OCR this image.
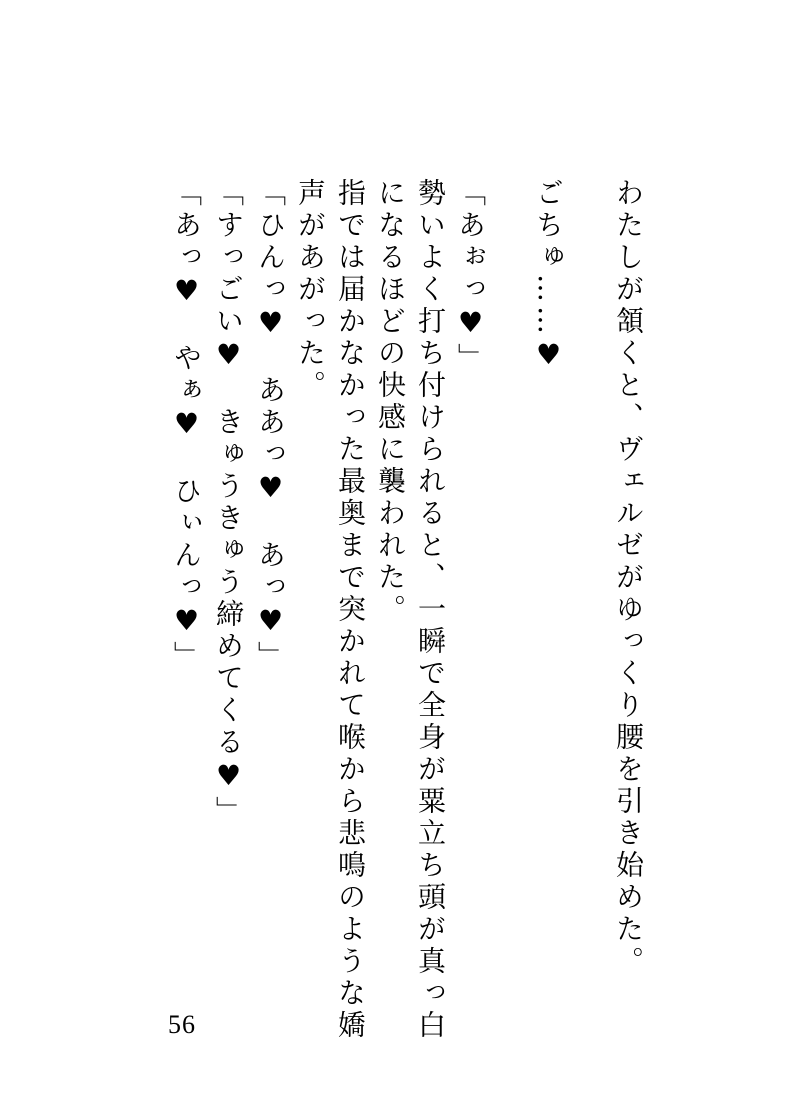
わたしが頷くと、ヴェルゼがゆっくり腰を引き始めた。
ごちゅ……♥
「あぉっ♥」
勢いよく打ち付けられると、一瞬で全身が粟立ち頭が真っ白
になるほどの快感に襲われた。
指では届かなかった最奥まで突かれて喉から悲鳴のような嬌
声があがった。
「ひんっ♥　ああっ♥　あっ♥」
「すっごい♥　きゅうきゅう締めてくる♥」
「あっ♥　やぁ♥　ひぃんっ♥」
56
